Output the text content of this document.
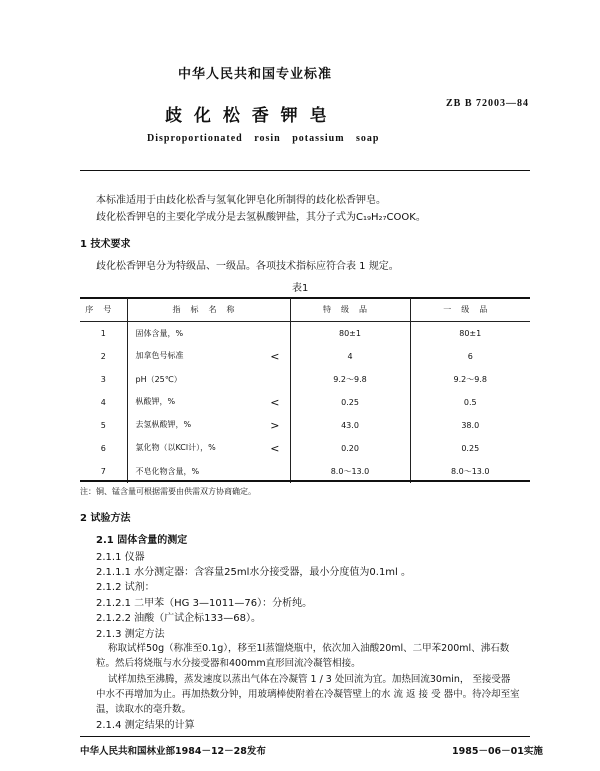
中华人民共和国专业标准
歧 化 松 香 钾 皂
ZB B 72003—84
Disproportionated rosin potassium soap
本标准适用于由歧化松香与氢氧化钾皂化所制得的歧化松香钾皂。
歧化松香钾皂的主要化学成分是去氢枞酸钾盐，其分子式为C₁₉H₂₇COOK。
1 技术要求
歧化松香钾皂分为特级品、一级品。各项技术指标应符合表 1 规定。
表1
序号	指标名称	特级品	一级品
1	固体含量，%	80±1	80±1
2	加拿色号标准 <	4	6
3	pH（25℃）	9.2～9.8	9.2～9.8
4	枞酸钾，% <	0.25	0.5
5	去氢枞酸钾，% >	43.0	38.0
6	氯化物（以KCl计），% <	0.20	0.25
7	不皂化物含量，%	8.0～13.0	8.0～13.0
注：铜、锰含量可根据需要由供需双方协商确定。
2 试验方法
2.1 固体含量的测定
2.1.1 仪器
2.1.1.1 水分测定器：含容量25ml水分接受器，最小分度值为0.1ml 。
2.1.2 试剂：
2.1.2.1 二甲苯（HG 3—1011—76）：分析纯。
2.1.2.2 油酸（广试企标133—68）。
2.1.3 测定方法
称取试样50g（称准至0.1g），移至1l蒸馏烧瓶中，依次加入油酸20ml、二甲苯200ml、沸石数
粒。然后将烧瓶与水分接受器和400mm直形回流冷凝管相接。
试样加热至沸腾，蒸发速度以蒸出气体在冷凝管 1 / 3 处回流为宜。加热回流30min， 至接受器
中水不再增加为止。再加热数分钟，用玻璃棒使附着在冷凝管壁上的水 流 返 接 受 器中。待冷却至室
温，读取水的毫升数。
2.1.4 测定结果的计算
中华人民共和国林业部1984－12－28发布	1985－06－01实施
